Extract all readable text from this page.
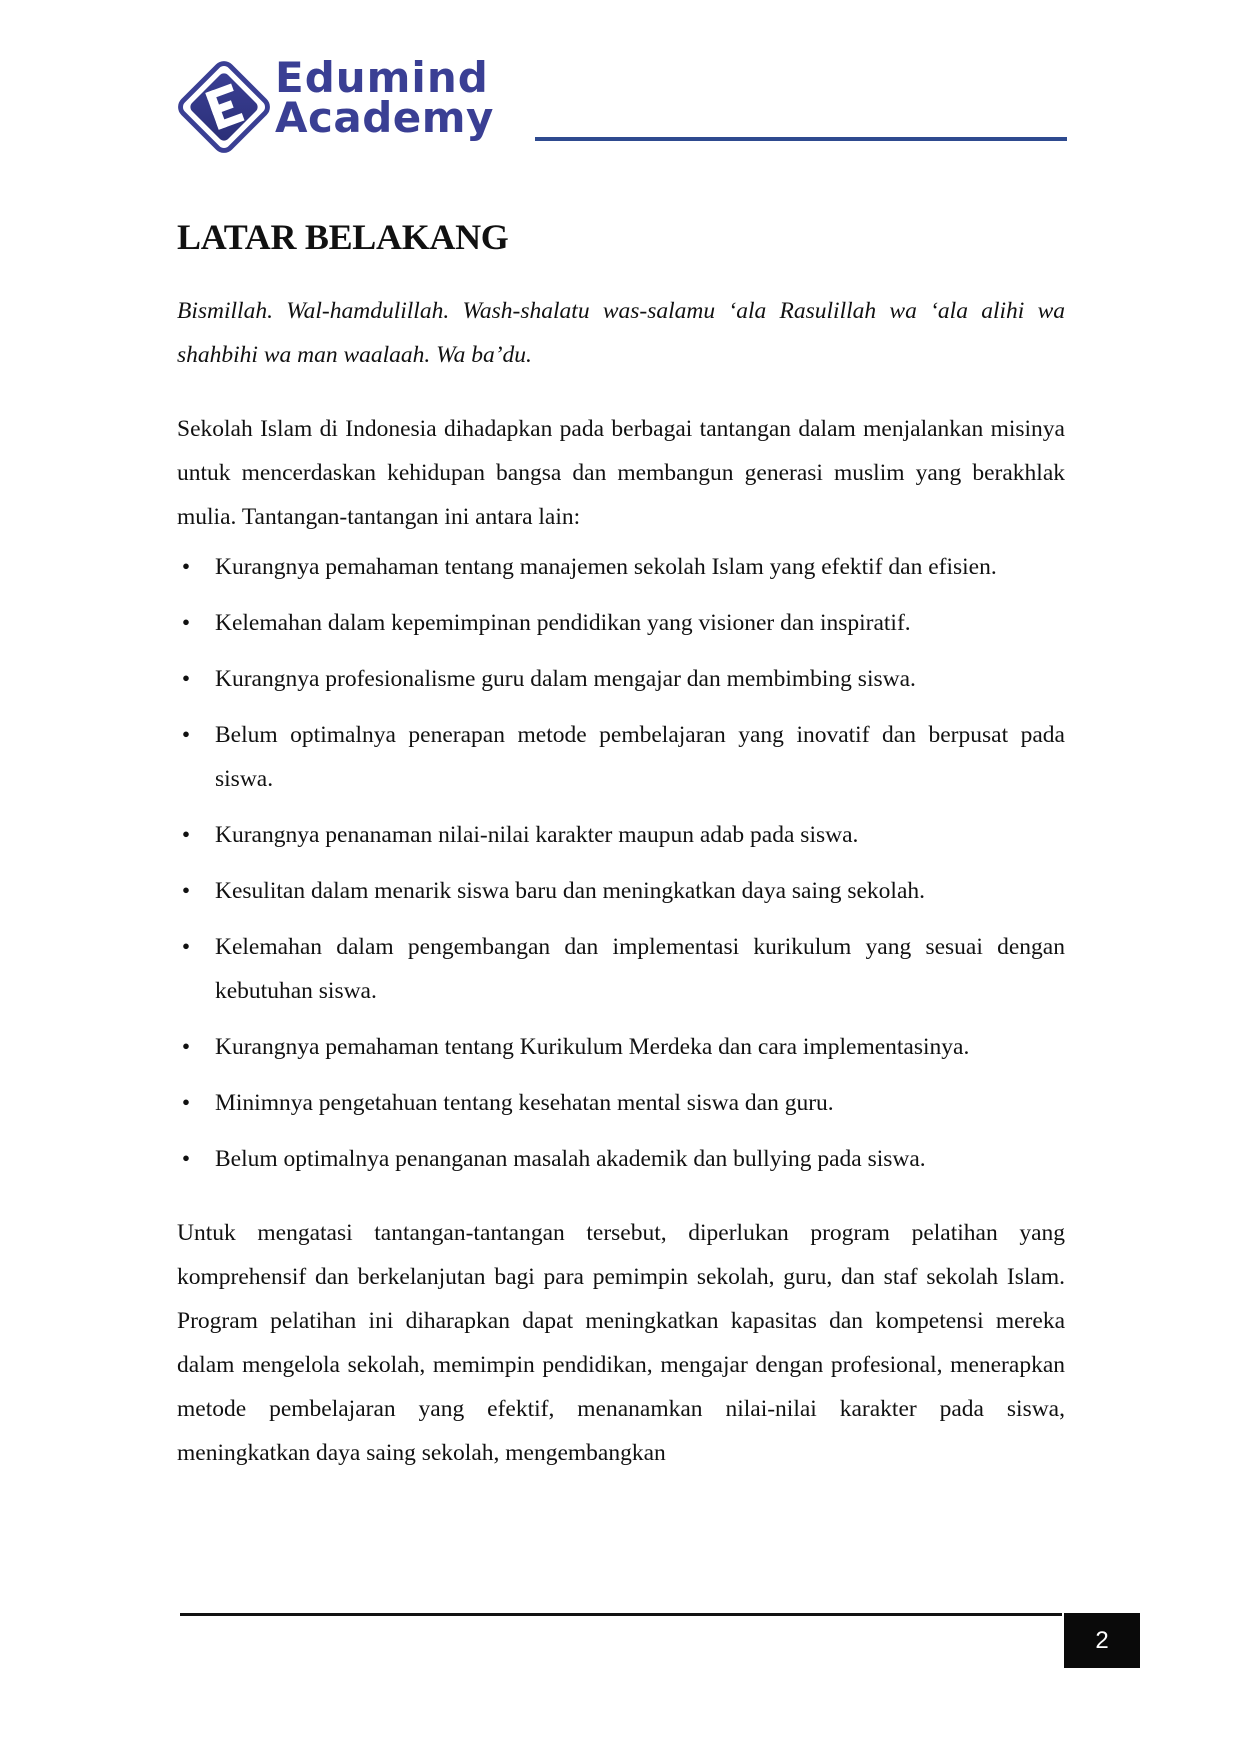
Edumind
Academy
LATAR BELAKANG

Bismillah. Wal-hamdulillah. Wash-shalatu was-salamu ‘ala Rasulillah wa ‘ala alihi wa shahbihi wa man waalaah. Wa ba’du.

Sekolah Islam di Indonesia dihadapkan pada berbagai tantangan dalam menjalankan misinya untuk mencerdaskan kehidupan bangsa dan membangun generasi muslim yang berakhlak mulia. Tantangan-tantangan ini antara lain:

• Kurangnya pemahaman tentang manajemen sekolah Islam yang efektif dan efisien.
• Kelemahan dalam kepemimpinan pendidikan yang visioner dan inspiratif.
• Kurangnya profesionalisme guru dalam mengajar dan membimbing siswa.
• Belum optimalnya penerapan metode pembelajaran yang inovatif dan berpusat pada siswa.
• Kurangnya penanaman nilai-nilai karakter maupun adab pada siswa.
• Kesulitan dalam menarik siswa baru dan meningkatkan daya saing sekolah.
• Kelemahan dalam pengembangan dan implementasi kurikulum yang sesuai dengan kebutuhan siswa.
• Kurangnya pemahaman tentang Kurikulum Merdeka dan cara implementasinya.
• Minimnya pengetahuan tentang kesehatan mental siswa dan guru.
• Belum optimalnya penanganan masalah akademik dan bullying pada siswa.

Untuk mengatasi tantangan-tantangan tersebut, diperlukan program pelatihan yang komprehensif dan berkelanjutan bagi para pemimpin sekolah, guru, dan staf sekolah Islam. Program pelatihan ini diharapkan dapat meningkatkan kapasitas dan kompetensi mereka dalam mengelola sekolah, memimpin pendidikan, mengajar dengan profesional, menerapkan metode pembelajaran yang efektif, menanamkan nilai-nilai karakter pada siswa, meningkatkan daya saing sekolah, mengembangkan

2
